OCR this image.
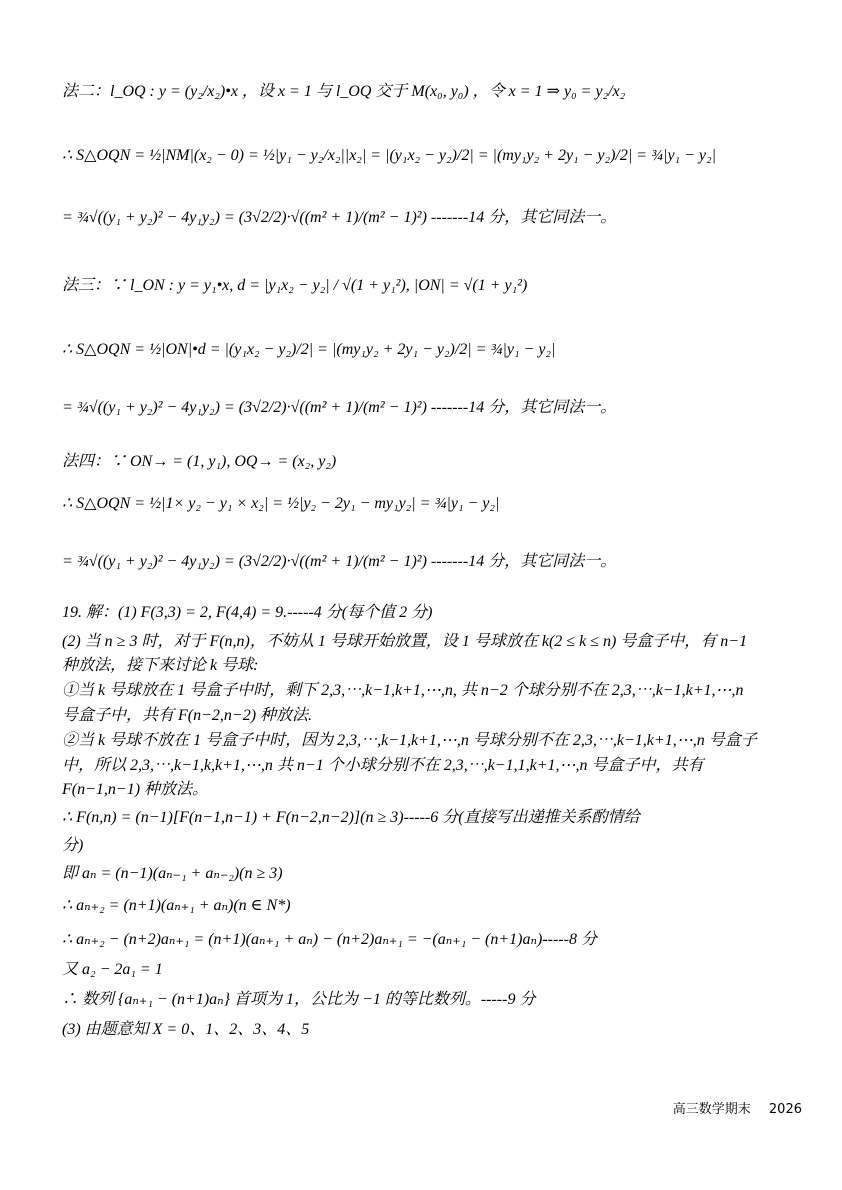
法二：l_OQ : y = (y₂/x₂)•x ，设 x = 1 与 l_OQ 交于 M(x₀, y₀) ，令 x = 1 ⇒ y₀ = y₂/x₂
∴ S△OQN = ½|NM|(x₂ − 0) = ½|y₁ − y₂/x₂||x₂| = |(y₁x₂ − y₂)/2| = |(my₁y₂ + 2y₁ − y₂)/2| = ¾|y₁ − y₂|
= ¾√((y₁ + y₂)² − 4y₁y₂) = (3√2/2)·√((m² + 1)/(m² − 1)²) -------14 分，其它同法一。
法三：∵ l_ON : y = y₁•x, d = |y₁x₂ − y₂| / √(1 + y₁²), |ON| = √(1 + y₁²)
∴ S△OQN = ½|ON|•d = |(y₁x₂ − y₂)/2| = |(my₁y₂ + 2y₁ − y₂)/2| = ¾|y₁ − y₂|
= ¾√((y₁ + y₂)² − 4y₁y₂) = (3√2/2)·√((m² + 1)/(m² − 1)²) -------14 分，其它同法一。
法四：∵ ON→ = (1, y₁), OQ→ = (x₂, y₂)
∴ S△OQN = ½|1× y₂ − y₁ × x₂| = ½|y₂ − 2y₁ − my₁y₂| = ¾|y₁ − y₂|
= ¾√((y₁ + y₂)² − 4y₁y₂) = (3√2/2)·√((m² + 1)/(m² − 1)²) -------14 分，其它同法一。
19. 解：(1) F(3,3) = 2, F(4,4) = 9.-----4 分(每个值 2 分)
(2) 当 n ≥ 3 时，对于 F(n,n)，不妨从 1 号球开始放置，设 1 号球放在 k(2 ≤ k ≤ n) 号盒子中，有 n−1
种放法，接下来讨论 k 号球:
①当 k 号球放在 1 号盒子中时，剩下 2,3,⋯,k−1,k+1,⋯,n, 共 n−2 个球分别不在 2,3,⋯,k−1,k+1,⋯,n
号盒子中，共有 F(n−2,n−2) 种放法.
②当 k 号球不放在 1 号盒子中时，因为 2,3,⋯,k−1,k+1,⋯,n 号球分别不在 2,3,⋯,k−1,k+1,⋯,n 号盒子
中，所以 2,3,⋯,k−1,k,k+1,⋯,n 共 n−1 个小球分别不在 2,3,⋯,k−1,1,k+1,⋯,n 号盒子中，共有
F(n−1,n−1) 种放法。
∴ F(n,n) = (n−1)[F(n−1,n−1) + F(n−2,n−2)](n ≥ 3)-----6 分(直接写出递推关系酌情给
分)
即 aₙ = (n−1)(aₙ₋₁ + aₙ₋₂)(n ≥ 3)
∴ aₙ₊₂ = (n+1)(aₙ₊₁ + aₙ)(n ∈ N*)
∴ aₙ₊₂ − (n+2)aₙ₊₁ = (n+1)(aₙ₊₁ + aₙ) − (n+2)aₙ₊₁ = −(aₙ₊₁ − (n+1)aₙ)-----8 分
又 a₂ − 2a₁ = 1
∴ 数列 {aₙ₊₁ − (n+1)aₙ} 首项为 1，公比为 −1 的等比数列。-----9 分
(3) 由题意知 X = 0、1、2、3、4、5
高三数学期末 2026
